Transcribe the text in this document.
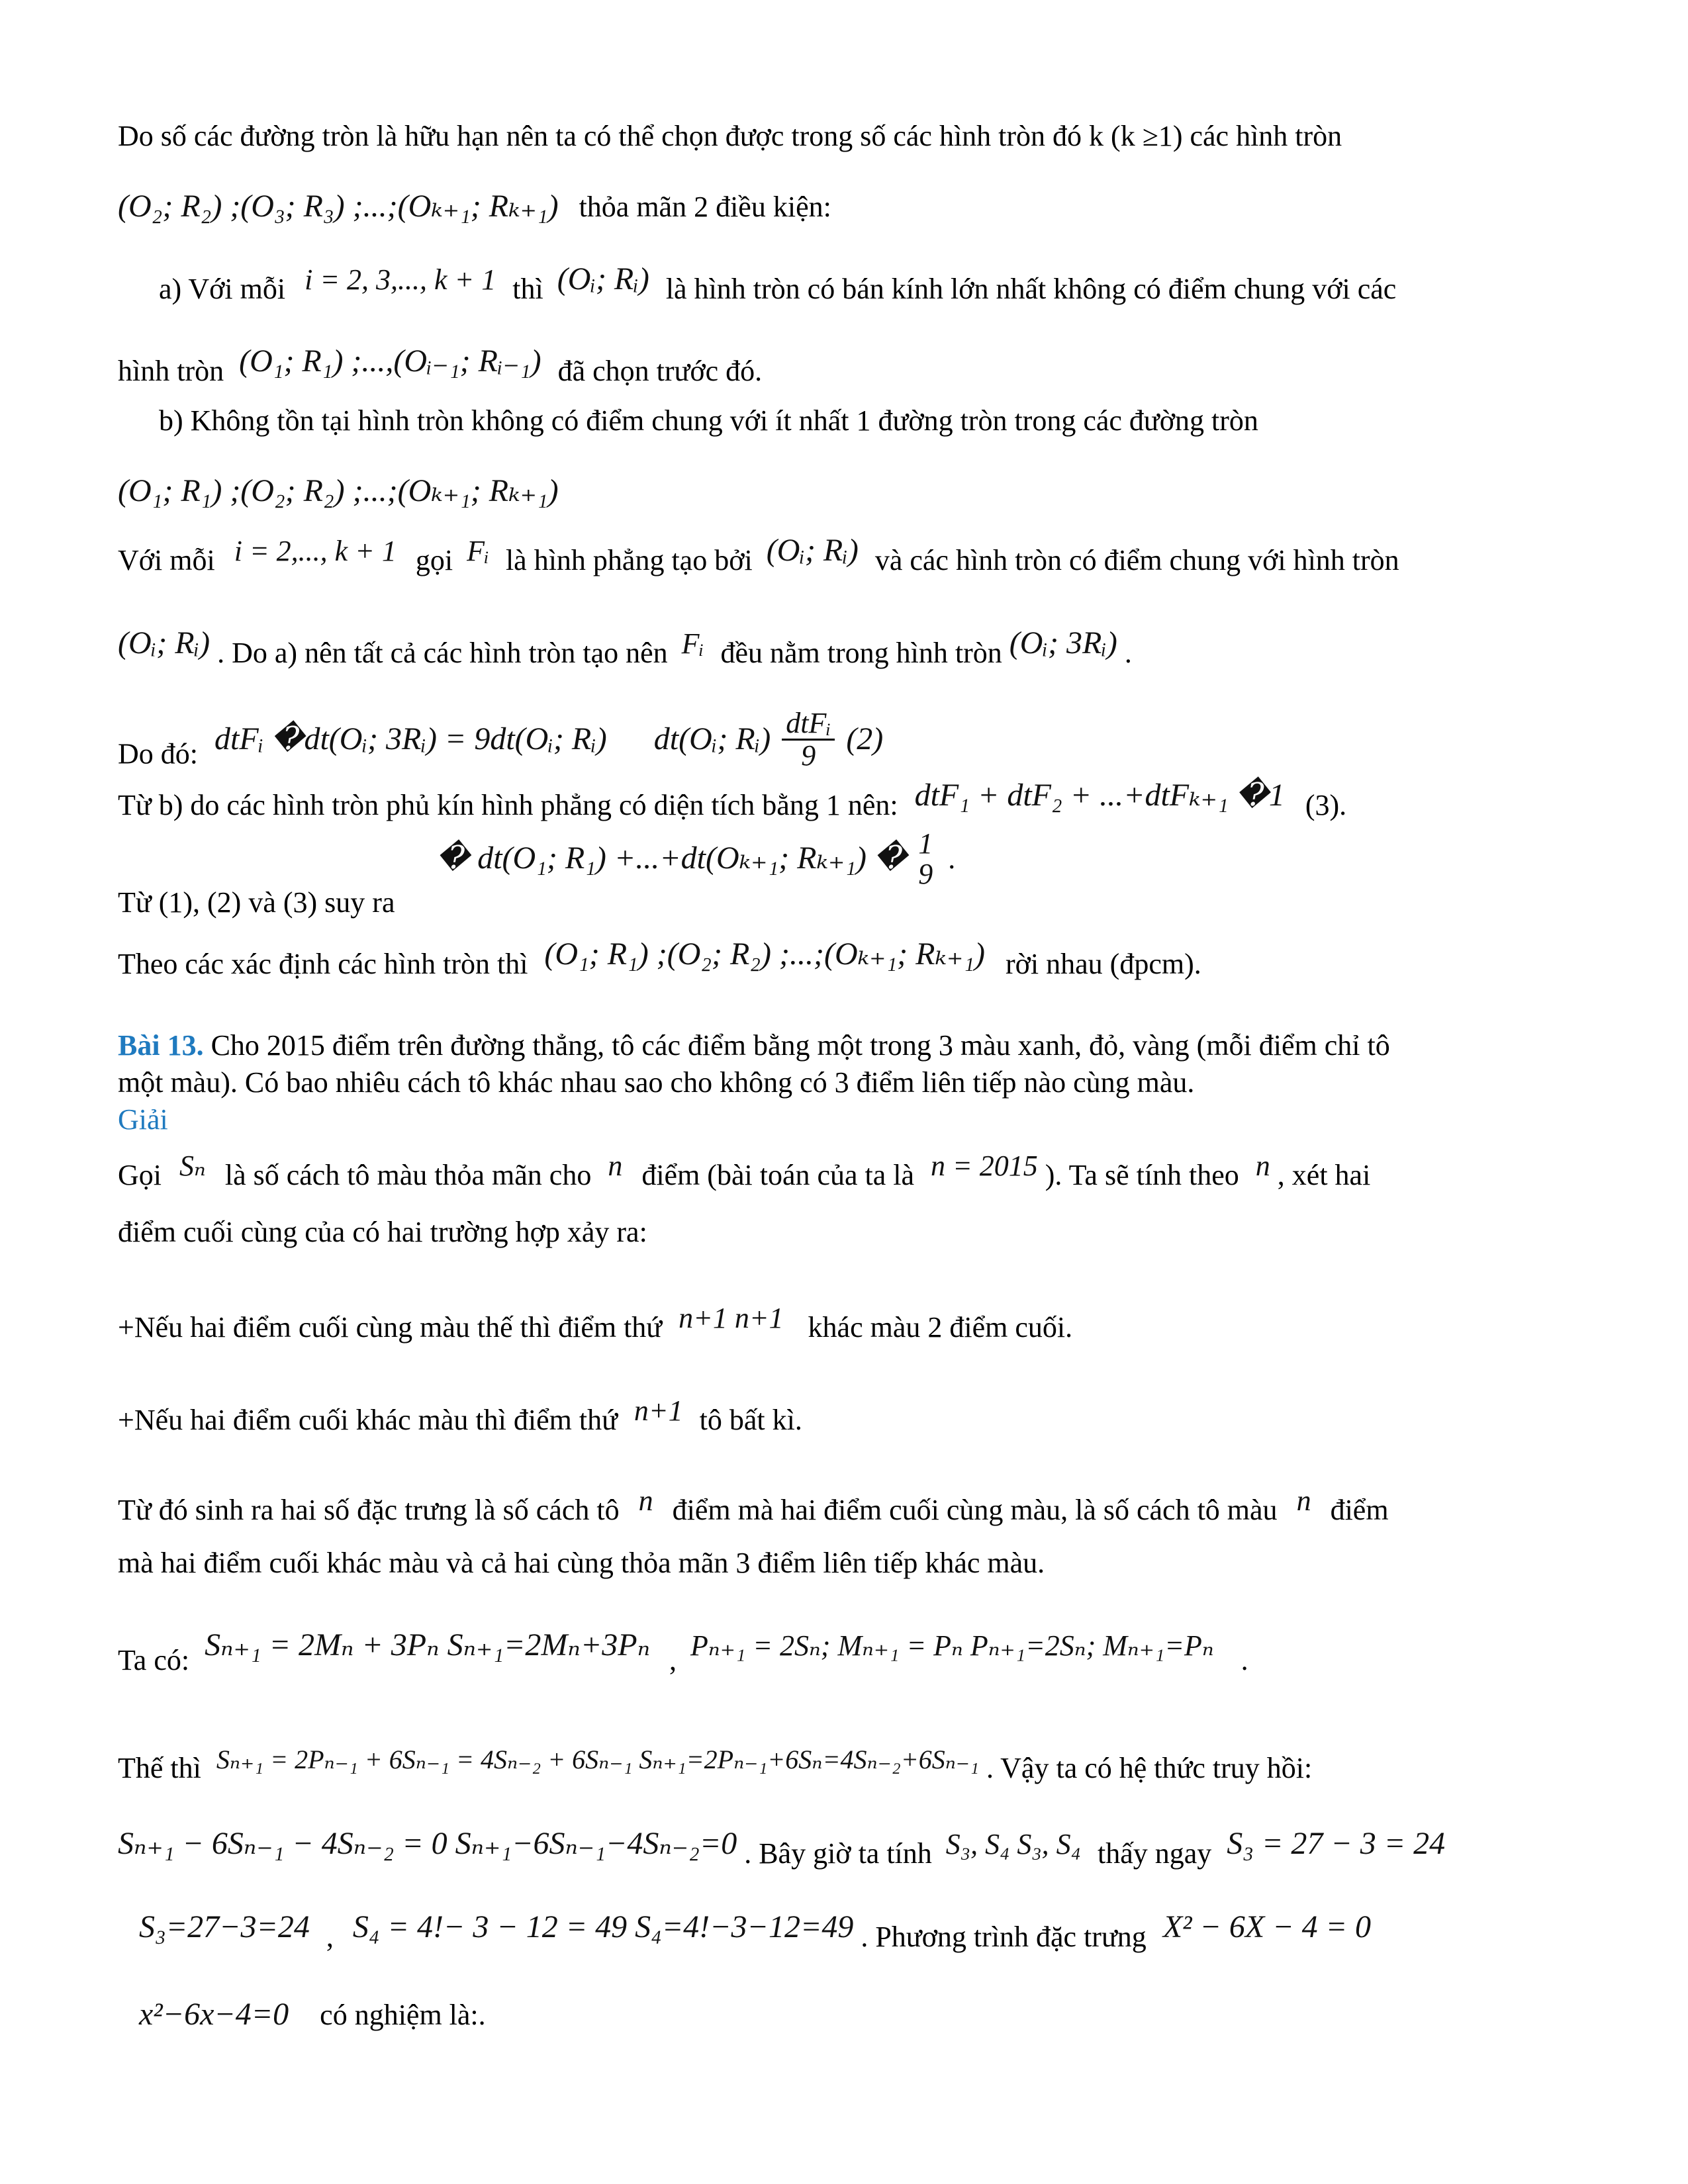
Do số các đường tròn là hữu hạn nên ta có thể chọn được trong số các hình tròn đó k (k ≥1) các hình tròn
(O₂; R₂) ;(O₃; R₃) ;...;(Oₖ₊₁; Rₖ₊₁) thỏa mãn 2 điều kiện:
a) Với mỗi i = 2, 3,..., k + 1 thì (Oᵢ; Rᵢ) là hình tròn có bán kính lớn nhất không có điểm chung với các
hình tròn (O₁; R₁) ;...,(Oᵢ₋₁; Rᵢ₋₁) đã chọn trước đó.
b) Không tồn tại hình tròn không có điểm chung với ít nhất 1 đường tròn trong các đường tròn
(O₁; R₁) ;(O₂; R₂) ;...;(Oₖ₊₁; Rₖ₊₁)
Với mỗi i = 2,..., k + 1 gọi Fᵢ là hình phẳng tạo bởi (Oᵢ; Rᵢ) và các hình tròn có điểm chung với hình tròn
(Oᵢ; Rᵢ) . Do a) nên tất cả các hình tròn tạo nên Fᵢ đều nằm trong hình tròn (Oᵢ; 3Rᵢ) .
Do đó: dtFᵢ �dt(Oᵢ; 3Rᵢ) = 9dt(Oᵢ; Rᵢ) dt(Oᵢ; Rᵢ) $\frac{\text{dtFᵢ}}{9} (2)$
Từ b) do các hình tròn phủ kín hình phẳng có diện tích bằng 1 nên: dtF₁ + dtF₂ + ...+dtFₖ₊₁ �1 (3).
� dt(O₁; R₁) +...+dt(Oₖ₊₁; Rₖ₊₁) � 1
9 .
Từ (1), (2) và (3) suy ra
Theo các xác định các hình tròn thì (O₁; R₁) ;(O₂; R₂) ;...;(Oₖ₊₁; Rₖ₊₁) rời nhau (đpcm).
Bài 13. Cho 2015 điểm trên đường thẳng, tô các điểm bằng một trong 3 màu xanh, đỏ, vàng (mỗi điểm chỉ tô
một màu). Có bao nhiêu cách tô khác nhau sao cho không có 3 điểm liên tiếp nào cùng màu.
Giải
Gọi Sₙ là số cách tô màu thỏa mãn cho n điểm (bài toán của ta là n = 2015 ). Ta sẽ tính theo n , xét hai
điểm cuối cùng của có hai trường hợp xảy ra:
+Nếu hai điểm cuối cùng màu thế thì điểm thứ n+1 n+1 khác màu 2 điểm cuối.
+Nếu hai điểm cuối khác màu thì điểm thứ n+1 tô bất kì.
Từ đó sinh ra hai số đặc trưng là số cách tô n điểm mà hai điểm cuối cùng màu, là số cách tô màu n điểm
mà hai điểm cuối khác màu và cả hai cùng thỏa mãn 3 điểm liên tiếp khác màu.
Ta có: Sₙ₊₁ = 2Mₙ + 3Pₙ Sₙ₊₁=2Mₙ+3Pₙ , Pₙ₊₁ = 2Sₙ; Mₙ₊₁ = Pₙ Pₙ₊₁=2Sₙ; Mₙ₊₁=Pₙ .
Thế thì Sₙ₊₁ = 2Pₙ₋₁ + 6Sₙ₋₁ = 4Sₙ₋₂ + 6Sₙ₋₁ Sₙ₊₁=2Pₙ₋₁+6Sₙ=4Sₙ₋₂+6Sₙ₋₁ . Vậy ta có hệ thức truy hồi:
Sₙ₊₁ − 6Sₙ₋₁ − 4Sₙ₋₂ = 0 Sₙ₊₁−6Sₙ₋₁−4Sₙ₋₂=0 . Bây giờ ta tính S₃, S₄ S₃, S₄ thấy ngay S₃ = 27 − 3 = 24
S₃=27−3=24 , S₄ = 4!− 3 − 12 = 49 S₄=4!−3−12=49 . Phương trình đặc trưng X² − 6X − 4 = 0
x²−6x−4=0 có nghiệm là:.
